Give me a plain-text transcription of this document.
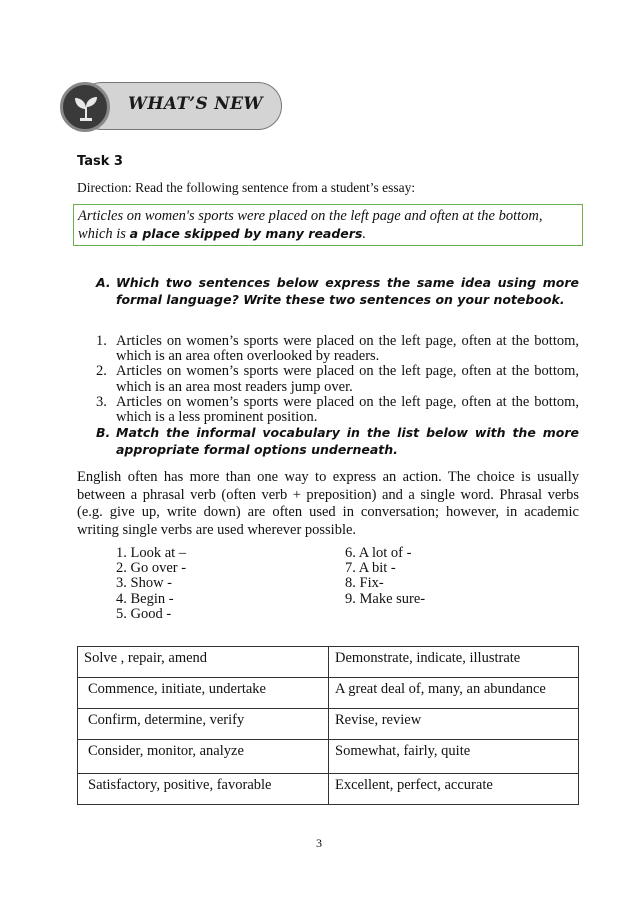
WHAT’S NEW
Task 3
Direction: Read the following sentence from a student’s essay:
Articles on women's sports were placed on the left page and often at the bottom, which is a place skipped by many readers.
A. Which two sentences below express the same idea using more formal language? Write these two sentences on your notebook.
1. Articles on women’s sports were placed on the left page, often at the bottom, which is an area often overlooked by readers.
2. Articles on women’s sports were placed on the left page, often at the bottom, which is an area most readers jump over.
3. Articles on women’s sports were placed on the left page, often at the bottom, which is a less prominent position.
B. Match the informal vocabulary in the list below with the more appropriate formal options underneath.
English often has more than one way to express an action. The choice is usually between a phrasal verb (often verb + preposition) and a single word. Phrasal verbs (e.g. give up, write down) are often used in conversation; however, in academic writing single verbs are used wherever possible.
1. Look at –
2. Go over -
3. Show -
4. Begin -
5. Good -
6. A lot of -
7. A bit -
8. Fix-
9. Make sure-
Solve , repair, amend	Demonstrate, indicate, illustrate
Commence, initiate, undertake	A great deal of, many, an abundance
Confirm, determine, verify	Revise, review
Consider, monitor, analyze	Somewhat, fairly, quite
Satisfactory, positive, favorable	Excellent, perfect, accurate
3
